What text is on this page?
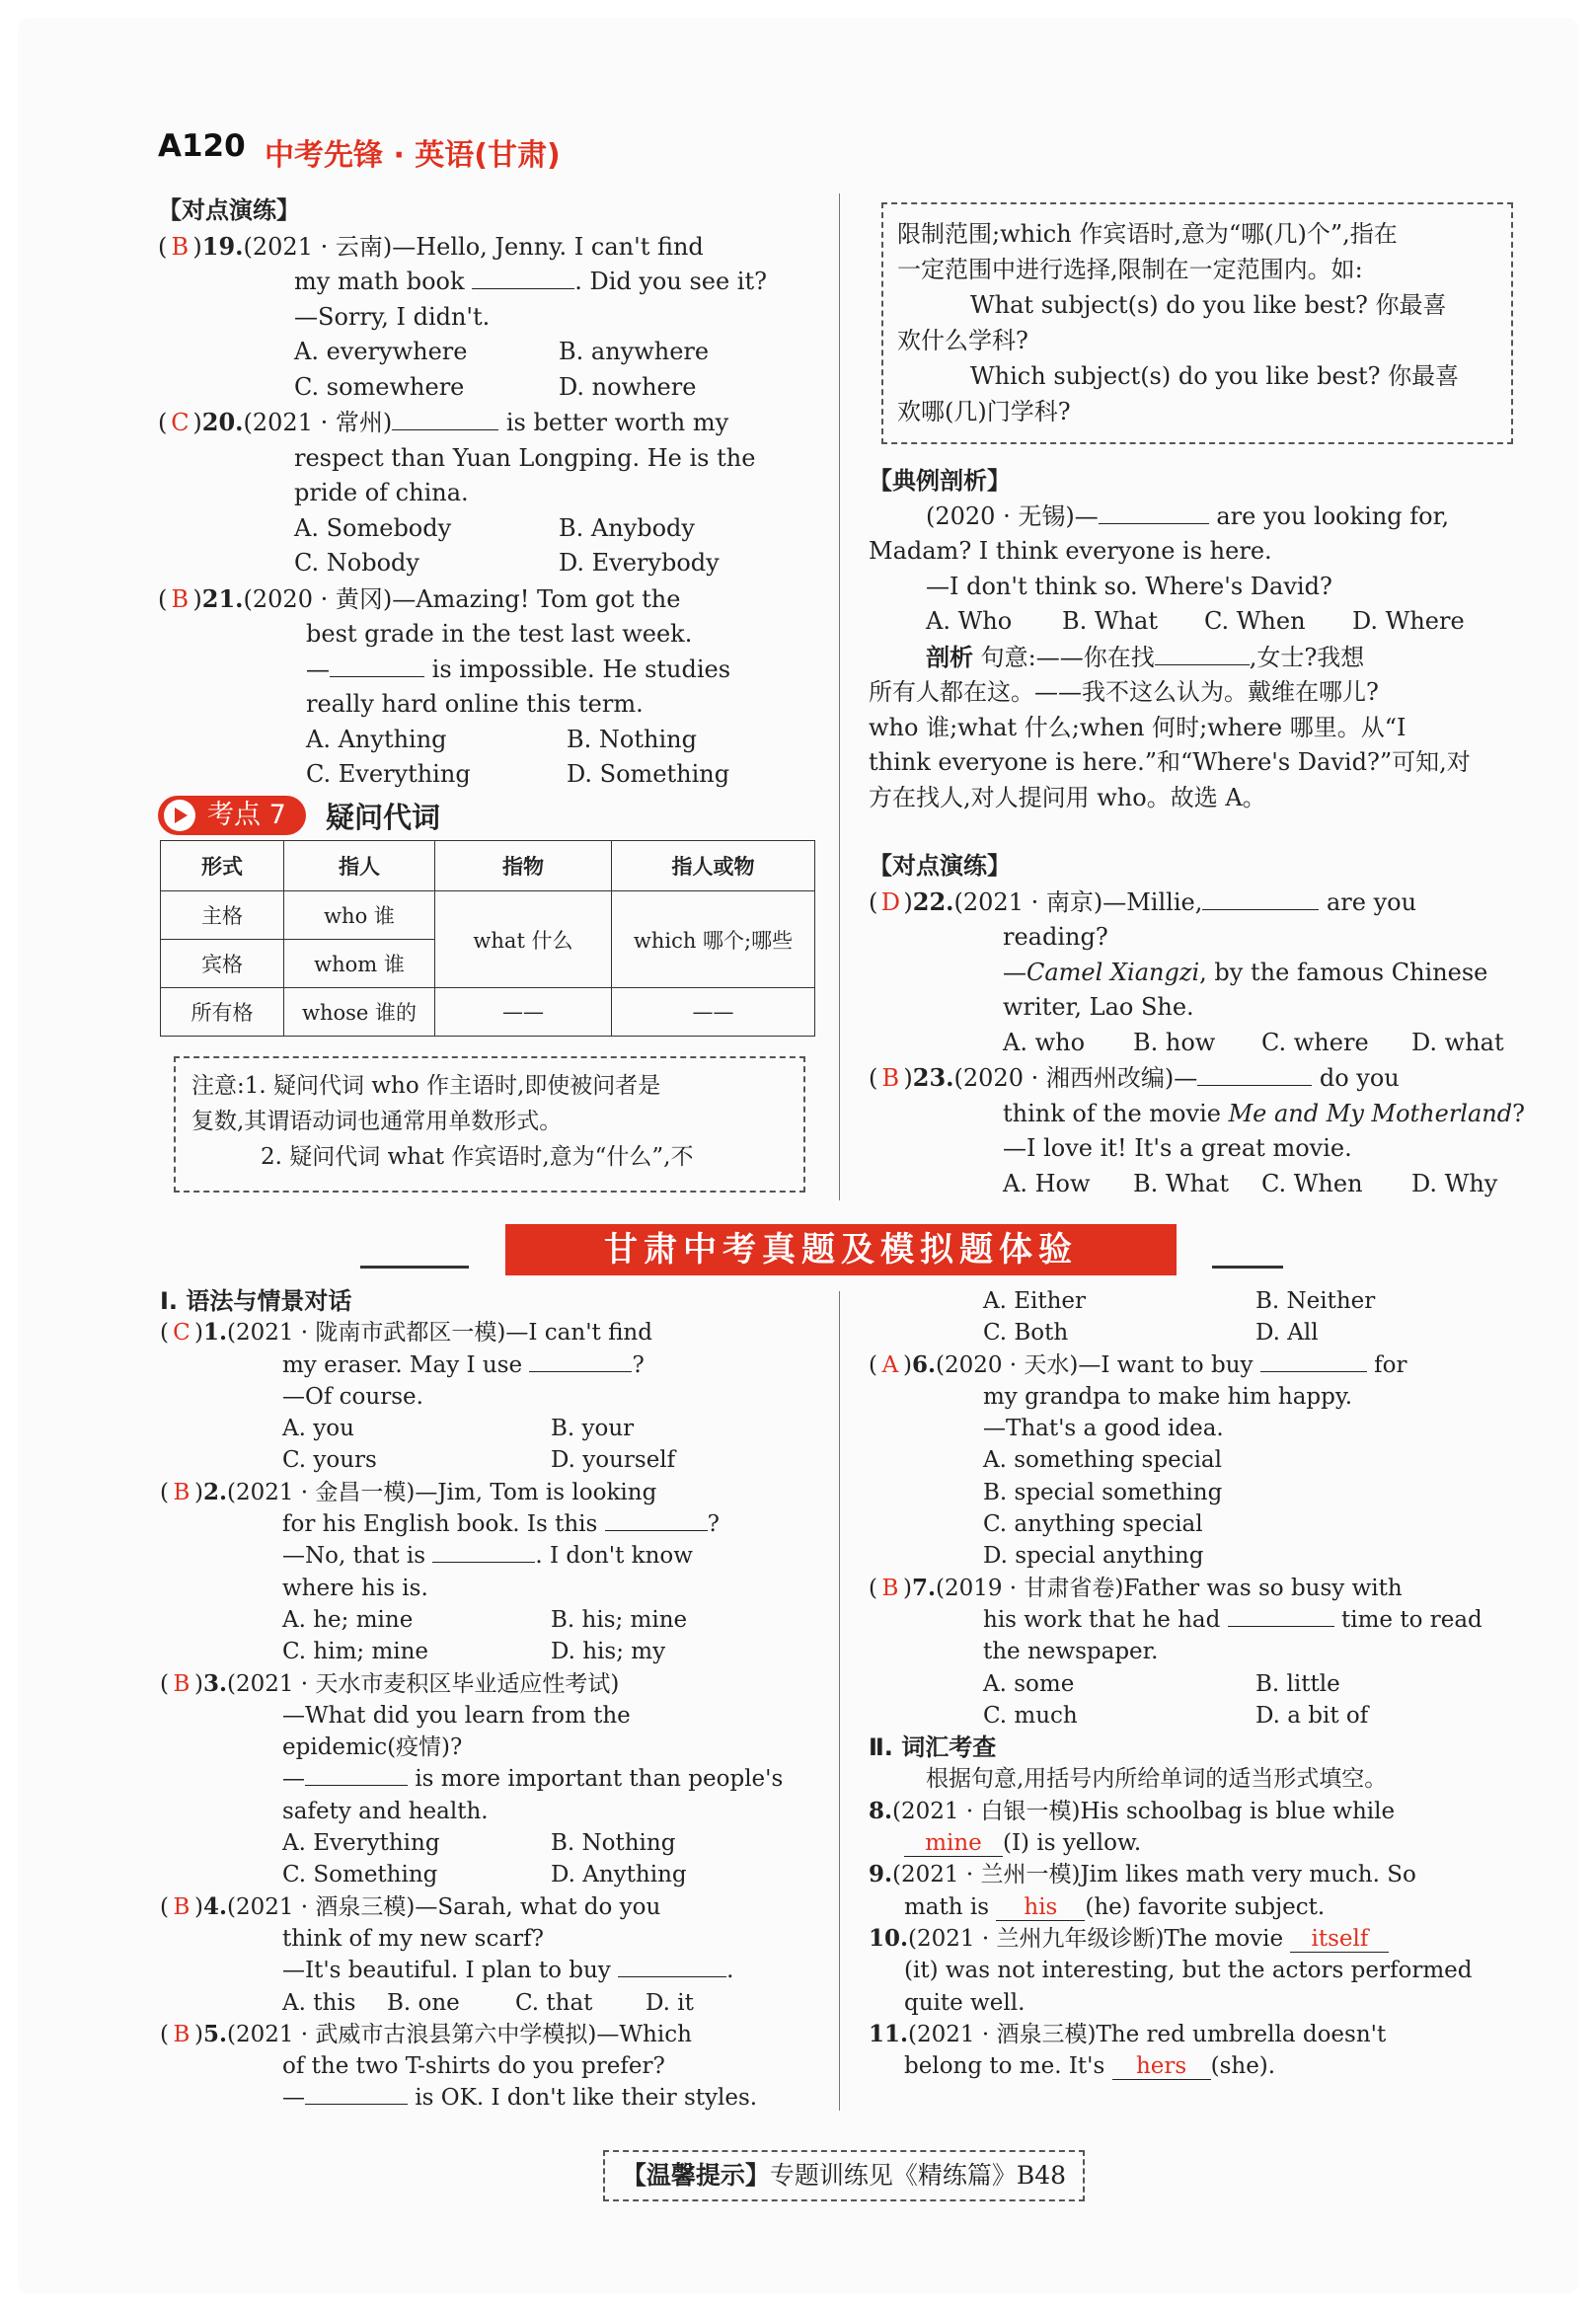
A120 中考先锋 · 英语(甘肃)

【对点演练】

( B )19.(2021 · 云南)—Hello, Jenny. I can't find

my math book	. Did you see it?

—Sorry, I didn't.

A. everywhere	B. anywhere

C. somewhere	D. nowhere

( C )20.(2021 · 常州)	is better worth my

respect than Yuan Longping. He is the

pride of china.

A. Somebody	B. Anybody

C. Nobody	D. Everybody

( B )21.(2020 · 黄冈)—Amazing! Tom got the

best grade in the test last week.

—	is impossible. He studies

really hard online this term.

A. Anything	B. Nothing

C. Everything	D. Something

考点 7	疑问代词
形式	指人	指物	指人或物
主格	who 谁	what 什么	which 哪个;哪些
宾格	whom 谁		
所有格	whose 谁的	——	——

注意:1. 疑问代词 who 作主语时,即使被问者是

复数,其谓语动词也通常用单数形式。

2. 疑问代词 what 作宾语时,意为“什么”,不

限制范围;which 作宾语时,意为“哪(几)个”,指在

一定范围中进行选择,限制在一定范围内。如:

What subject(s) do you like best? 你最喜

欢什么学科?

Which subject(s) do you like best? 你最喜

欢哪(几)门学科?

【典例剖析】

(2020 · 无锡)—	are you looking for,

Madam? I think everyone is here.

—I don't think so. Where's David?

A. Who	B. What	C. When	D. Where

剖析 句意:——你在找	,女士?我想

所有人都在这。——我不这么认为。戴维在哪儿?

who 谁;what 什么;when 何时;where 哪里。从“I

think everyone is here.”和“Where's David?”可知,对

方在找人,对人提问用 who。故选 A。

【对点演练】

( D )22.(2021 · 南京)—Millie,	are you

reading?

—Camel Xiangzi, by the famous Chinese

writer, Lao She.

A. who	B. how	C. where	D. what

( B )23.(2020 · 湘西州改编)—	do you

think of the movie Me and My Motherland?

—I love it! It's a great movie.

A. How	B. What	C. When	D. Why

甘肃中考真题及模拟题体验

Ⅰ. 语法与情景对话

( C )1.(2021 · 陇南市武都区一模)—I can't find

my eraser. May I use	?

—Of course.

A. you	B. your

C. yours	D. yourself

( B )2.(2021 · 金昌一模)—Jim, Tom is looking

for his English book. Is this	?

—No, that is	. I don't know

where his is.

A. he; mine	B. his; mine

C. him; mine	D. his; my

( B )3.(2021 · 天水市麦积区毕业适应性考试)

—What did you learn from the

epidemic(疫情)?

—	is more important than people's

safety and health.

A. Everything	B. Nothing

C. Something	D. Anything

( B )4.(2021 · 酒泉三模)—Sarah, what do you

think of my new scarf?

—It's beautiful. I plan to buy	.

A. this	B. one	C. that	D. it

( B )5.(2021 · 武威市古浪县第六中学模拟)—Which

of the two T-shirts do you prefer?

—	is OK. I don't like their styles.

A. Either	B. Neither

C. Both	D. All

( A )6.(2020 · 天水)—I want to buy	for

my grandpa to make him happy.

—That's a good idea.

A. something special

B. special something

C. anything special

D. special anything

( B )7.(2019 · 甘肃省卷)Father was so busy with

his work that he had	time to read

the newspaper.

A. some	B. little

C. much	D. a bit of

Ⅱ. 词汇考查

根据句意,用括号内所给单词的适当形式填空。

8.(2021 · 白银一模)His schoolbag is blue while

mine (I) is yellow.

9.(2021 · 兰州一模)Jim likes math very much. So

math is his (he) favorite subject.

10.(2021 · 兰州九年级诊断)The movie itself

(it) was not interesting, but the actors performed

quite well.

11.(2021 · 酒泉三模)The red umbrella doesn't

belong to me. It's hers (she).

【温馨提示】专题训练见《精练篇》B48
